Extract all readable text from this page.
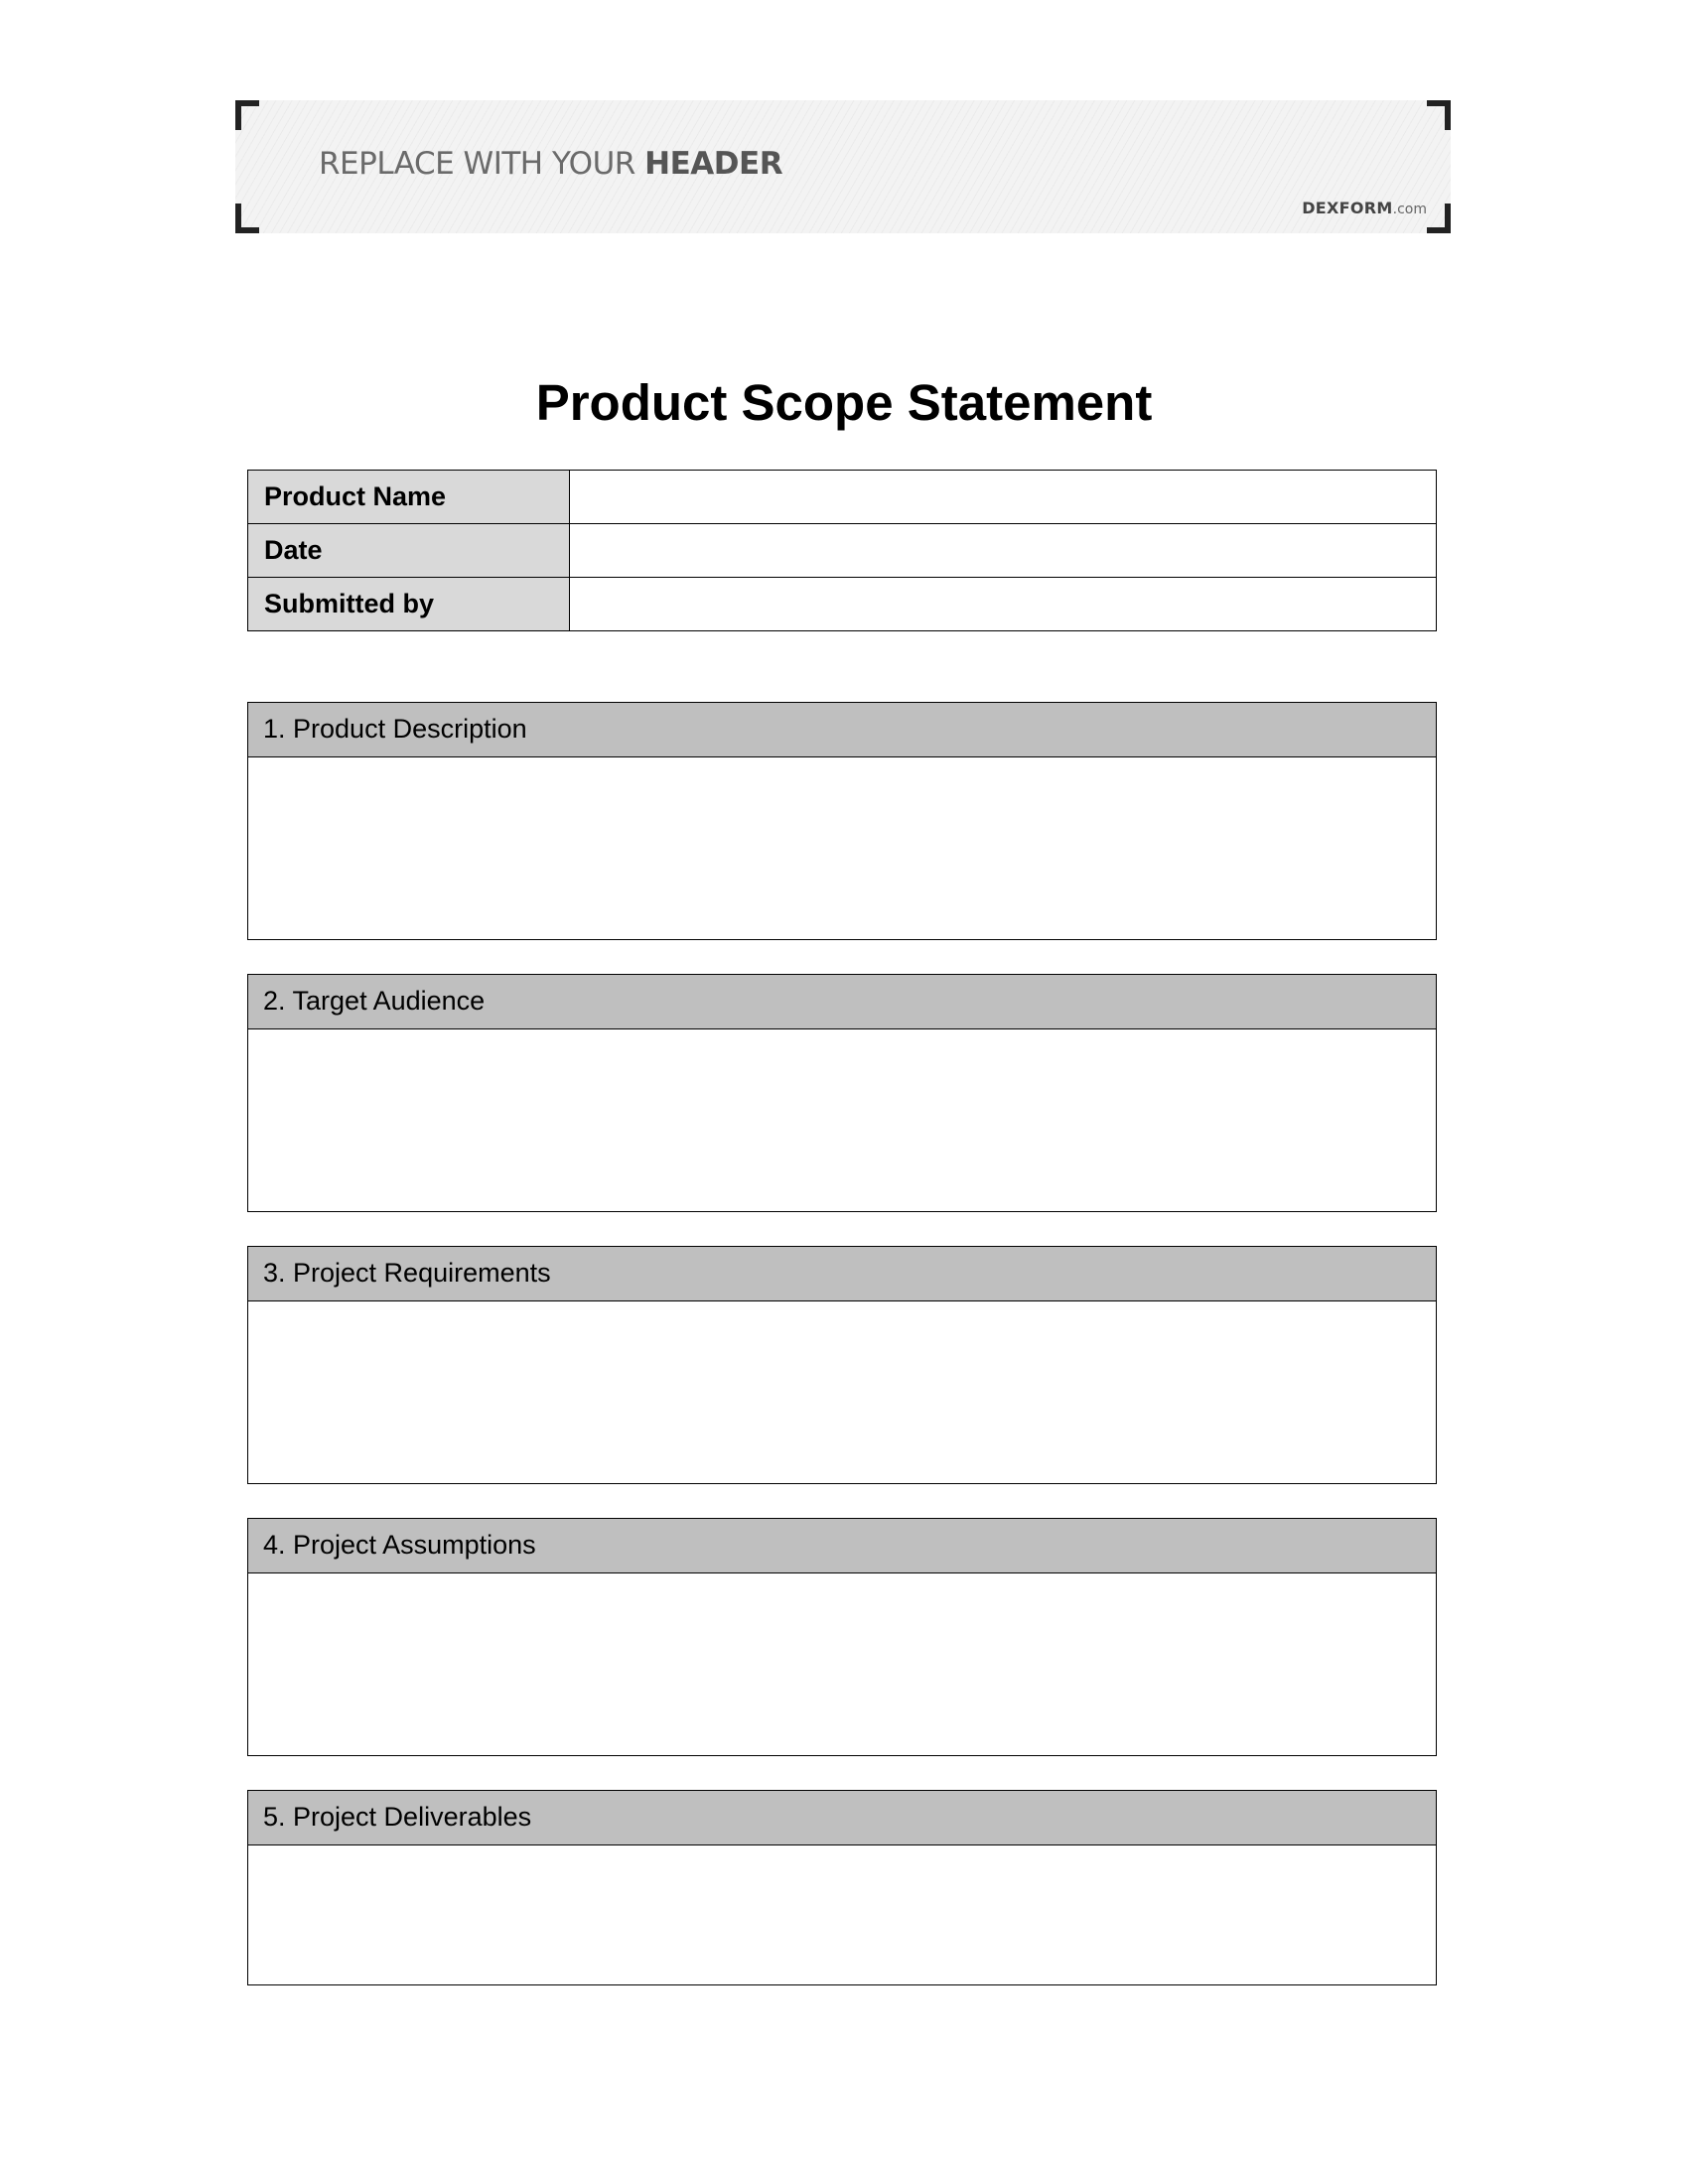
REPLACE WITH YOUR HEADER
DEXFORM.com
Product Scope Statement
Product Name	
Date	
Submitted by	
1. Product Description
2. Target Audience
3. Project Requirements
4. Project Assumptions
5. Project Deliverables
